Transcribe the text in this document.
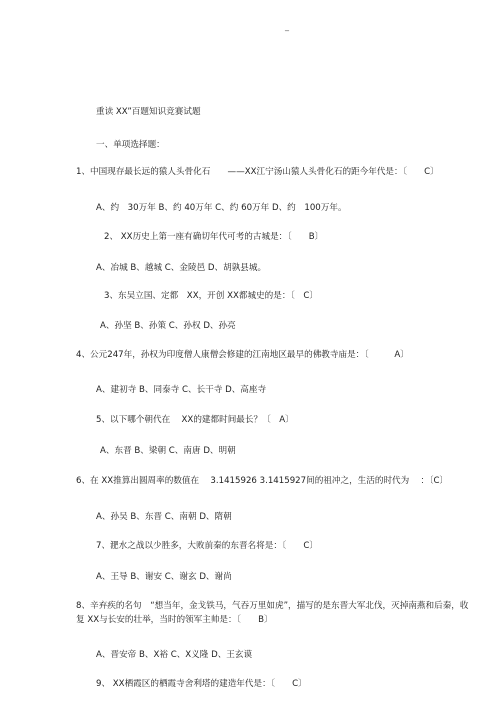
_
重读 XX”百题知识竞赛试题
一、单项选择题：
1、中国现存最长远的猿人头骨化石　　——XX江宁汤山猿人头骨化石的距今年代是：〔　　C〕
A、约　30万年 B、约 40万年 C、约 60万年 D、约　100万年。
2、 XX历史上第一座有确切年代可考的古城是：〔　　B〕
A、冶城 B、越城 C、金陵邑 D、胡孰县城。
3、东吴立国、定都　XX，开创 XX都城史的是：〔　C〕
A、孙坚 B、孙策 C、孙权 D、孙亮
4、公元247年，孙权为印度僧人康僧会修建的江南地区最早的佛教寺庙是：〔　　　A〕
A、建初寺 B、同泰寺 C、长干寺 D、高座寺
5、以下哪个朝代在　 XX的建都时间最长？〔　A〕
A、东晋 B、梁朝 C、南唐 D、明朝
6、在 XX推算出圆周率的数值在　 3.1415926 3.1415927间的祖冲之，生活的时代为　 ：〔C〕
A、孙吴 B、东晋 C、南朝 D、隋朝
7、淝水之战以少胜多，大败前秦的东晋名将是：〔　　C〕
A、王导 B、谢安 C、谢玄 D、谢尚
8、辛弃疾的名句　“想当年，金戈铁马，气吞万里如虎”，描写的是东晋大军北伐，灭掉南燕和后秦，收复 XX与长安的壮举，当时的领军主帅是：〔　　B〕
A、晋安帝 B、X裕 C、X义隆 D、王玄谟
9、 XX栖霞区的栖霞寺舍利塔的建造年代是：〔　　C〕
